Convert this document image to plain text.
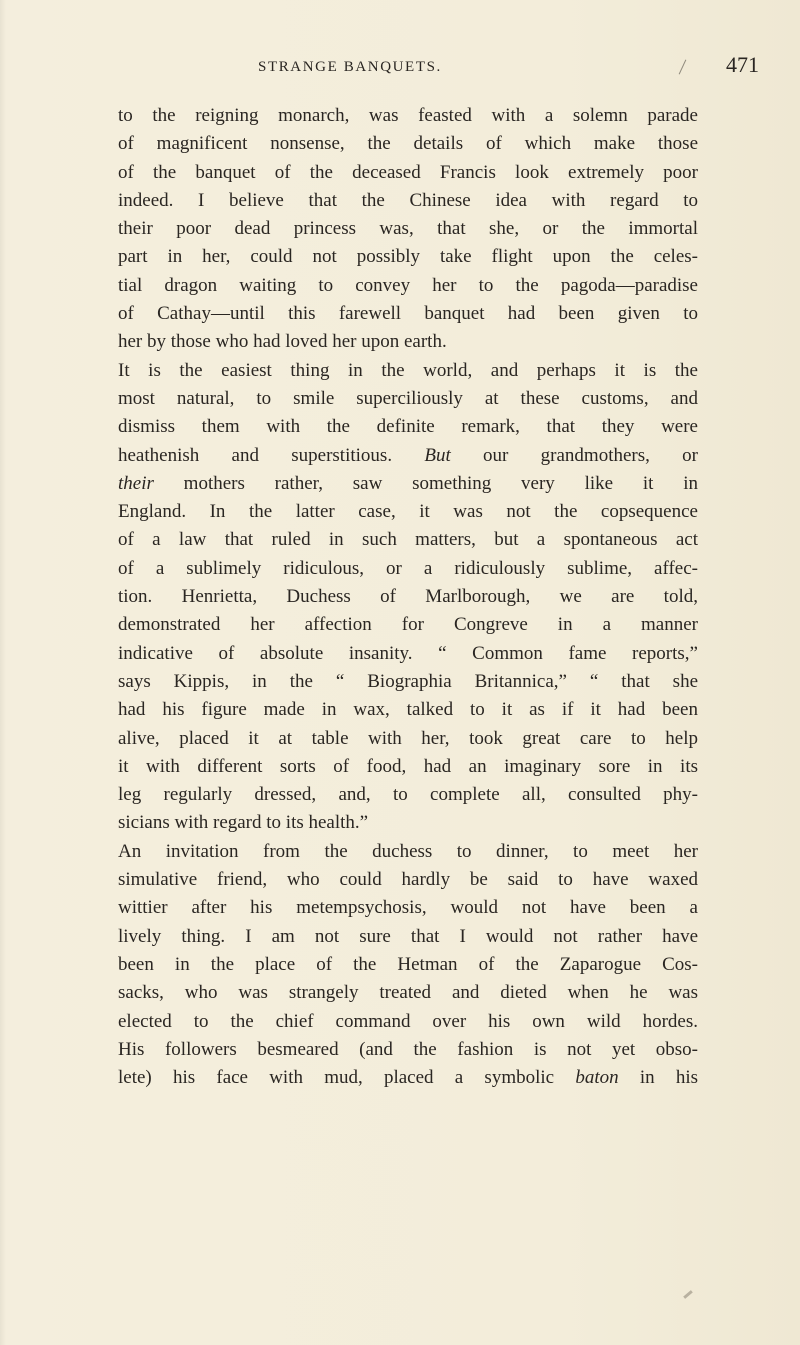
STRANGE BANQUETS.	471
to the reigning monarch, was feasted with a solemn parade
of magnificent nonsense, the details of which make those
of the banquet of the deceased Francis look extremely poor
indeed. I believe that the Chinese idea with regard to
their poor dead princess was, that she, or the immortal
part in her, could not possibly take flight upon the celes-
tial dragon waiting to convey her to the pagoda—paradise
of Cathay—until this farewell banquet had been given to
her by those who had loved her upon earth.
It is the easiest thing in the world, and perhaps it is the
most natural, to smile superciliously at these customs, and
dismiss them with the definite remark, that they were
heathenish and superstitious. But our grandmothers, or
their mothers rather, saw something very like it in
England. In the latter case, it was not the copsequence
of a law that ruled in such matters, but a spontaneous act
of a sublimely ridiculous, or a ridiculously sublime, affec-
tion. Henrietta, Duchess of Marlborough, we are told,
demonstrated her affection for Congreve in a manner
indicative of absolute insanity. “ Common fame reports,”
says Kippis, in the “ Biographia Britannica,” “ that she
had his figure made in wax, talked to it as if it had been
alive, placed it at table with her, took great care to help
it with different sorts of food, had an imaginary sore in its
leg regularly dressed, and, to complete all, consulted phy-
sicians with regard to its health.”
An invitation from the duchess to dinner, to meet her
simulative friend, who could hardly be said to have waxed
wittier after his metempsychosis, would not have been a
lively thing. I am not sure that I would not rather have
been in the place of the Hetman of the Zaparogue Cos-
sacks, who was strangely treated and dieted when he was
elected to the chief command over his own wild hordes.
His followers besmeared (and the fashion is not yet obso-
lete) his face with mud, placed a symbolic baton in his
